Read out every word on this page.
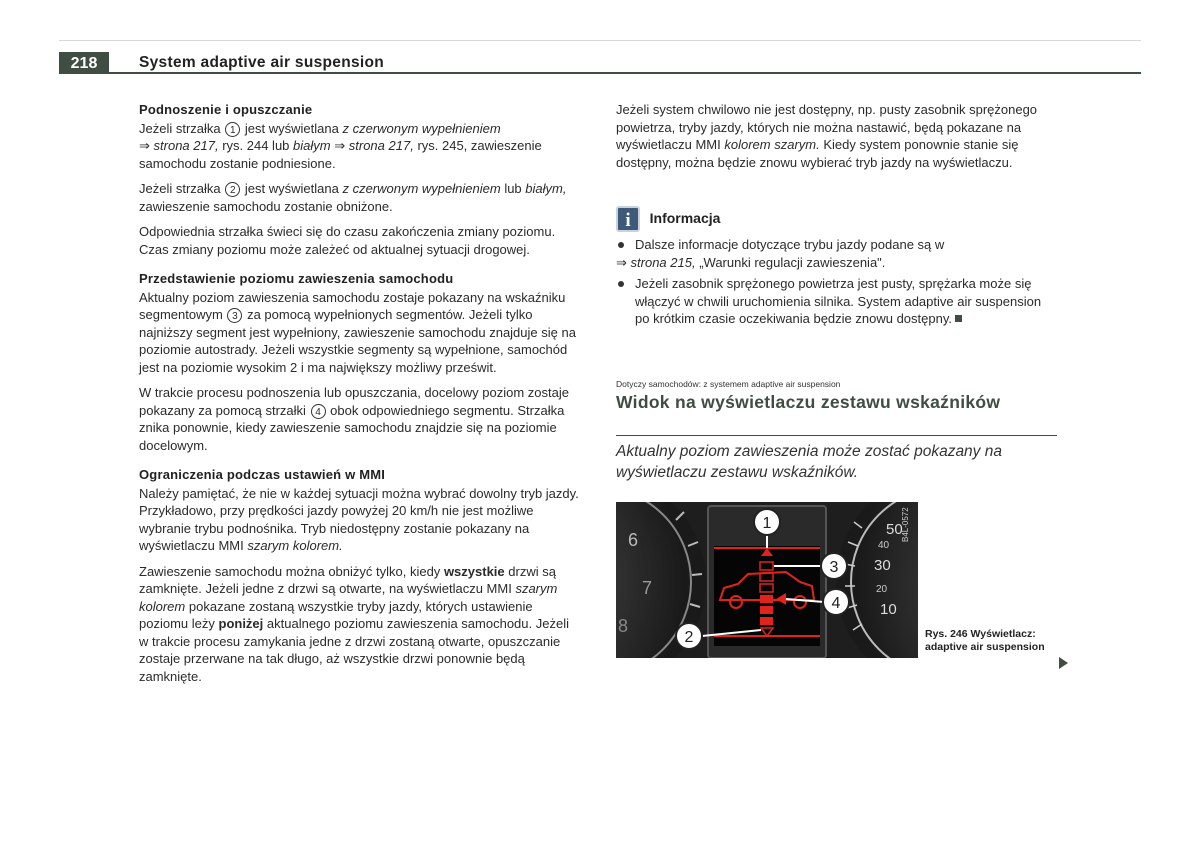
218	System adaptive air suspension
Podnoszenie i opuszczanie

Jeżeli strzałka 1 jest wyświetlana z czerwonym wypełnieniem
⇒ strona 217, rys. 244 lub białym ⇒ strona 217, rys. 245, zawieszenie samochodu zostanie podniesione.

Jeżeli strzałka 2 jest wyświetlana z czerwonym wypełnieniem lub białym, zawieszenie samochodu zostanie obniżone.

Odpowiednia strzałka świeci się do czasu zakończenia zmiany poziomu. Czas zmiany poziomu może zależeć od aktualnej sytuacji drogowej.

Przedstawienie poziomu zawieszenia samochodu

Aktualny poziom zawieszenia samochodu zostaje pokazany na wskaźniku segmentowym 3 za pomocą wypełnionych segmentów. Jeżeli tylko najniższy segment jest wypełniony, zawieszenie samochodu znajduje się na poziomie autostrady. Jeżeli wszystkie segmenty są wypełnione, samochód jest na poziomie wysokim 2 i ma największy możliwy prześwit.

W trakcie procesu podnoszenia lub opuszczania, docelowy poziom zostaje pokazany za pomocą strzałki 4 obok odpowiedniego segmentu. Strzałka znika ponownie, kiedy zawieszenie samochodu znajdzie się na poziomie docelowym.

Ograniczenia podczas ustawień w MMI

Należy pamiętać, że nie w każdej sytuacji można wybrać dowolny tryb jazdy. Przykładowo, przy prędkości jazdy powyżej 20 km/h nie jest możliwe wybranie trybu podnośnika. Tryb niedostępny zostanie pokazany na wyświetlaczu MMI szarym kolorem.

Zawieszenie samochodu można obniżyć tylko, kiedy wszystkie drzwi są zamknięte. Jeżeli jedne z drzwi są otwarte, na wyświetlaczu MMI szarym kolorem pokazane zostaną wszystkie tryby jazdy, których ustawienie poziomu leży poniżej aktualnego poziomu zawieszenia samochodu. Jeżeli w trakcie procesu zamykania jedne z drzwi zostaną otwarte, opuszczanie zostaje przerwane na tak długo, aż wszystkie drzwi ponownie będą zamknięte.

Jeżeli system chwilowo nie jest dostępny, np. pusty zasobnik sprężonego powietrza, tryby jazdy, których nie można nastawić, będą pokazane na wyświetlaczu MMI kolorem szarym. Kiedy system ponownie stanie się dostępny, można będzie znowu wybierać tryb jazdy na wyświetlaczu.

i Informacja
Dalsze informacje dotyczące trybu jazdy podane są w
⇒ strona 215, „Warunki regulacji zawieszenia".
Jeżeli zasobnik sprężonego powietrza jest pusty, sprężarka może się włączyć w chwili uruchomienia silnika. System adaptive air suspension po krótkim czasie oczekiwania będzie znowu dostępny.
Dotyczy samochodów: z systemem adaptive air suspension
Widok na wyświetlaczu zestawu wskaźników
Aktualny poziom zawieszenia może zostać pokazany na wyświetlaczu zestawu wskaźników.
6
7
8
50
40
30
20
10
B4L-0572
1
3
4
2	Rys. 246 Wyświetlacz: adaptive air suspension
